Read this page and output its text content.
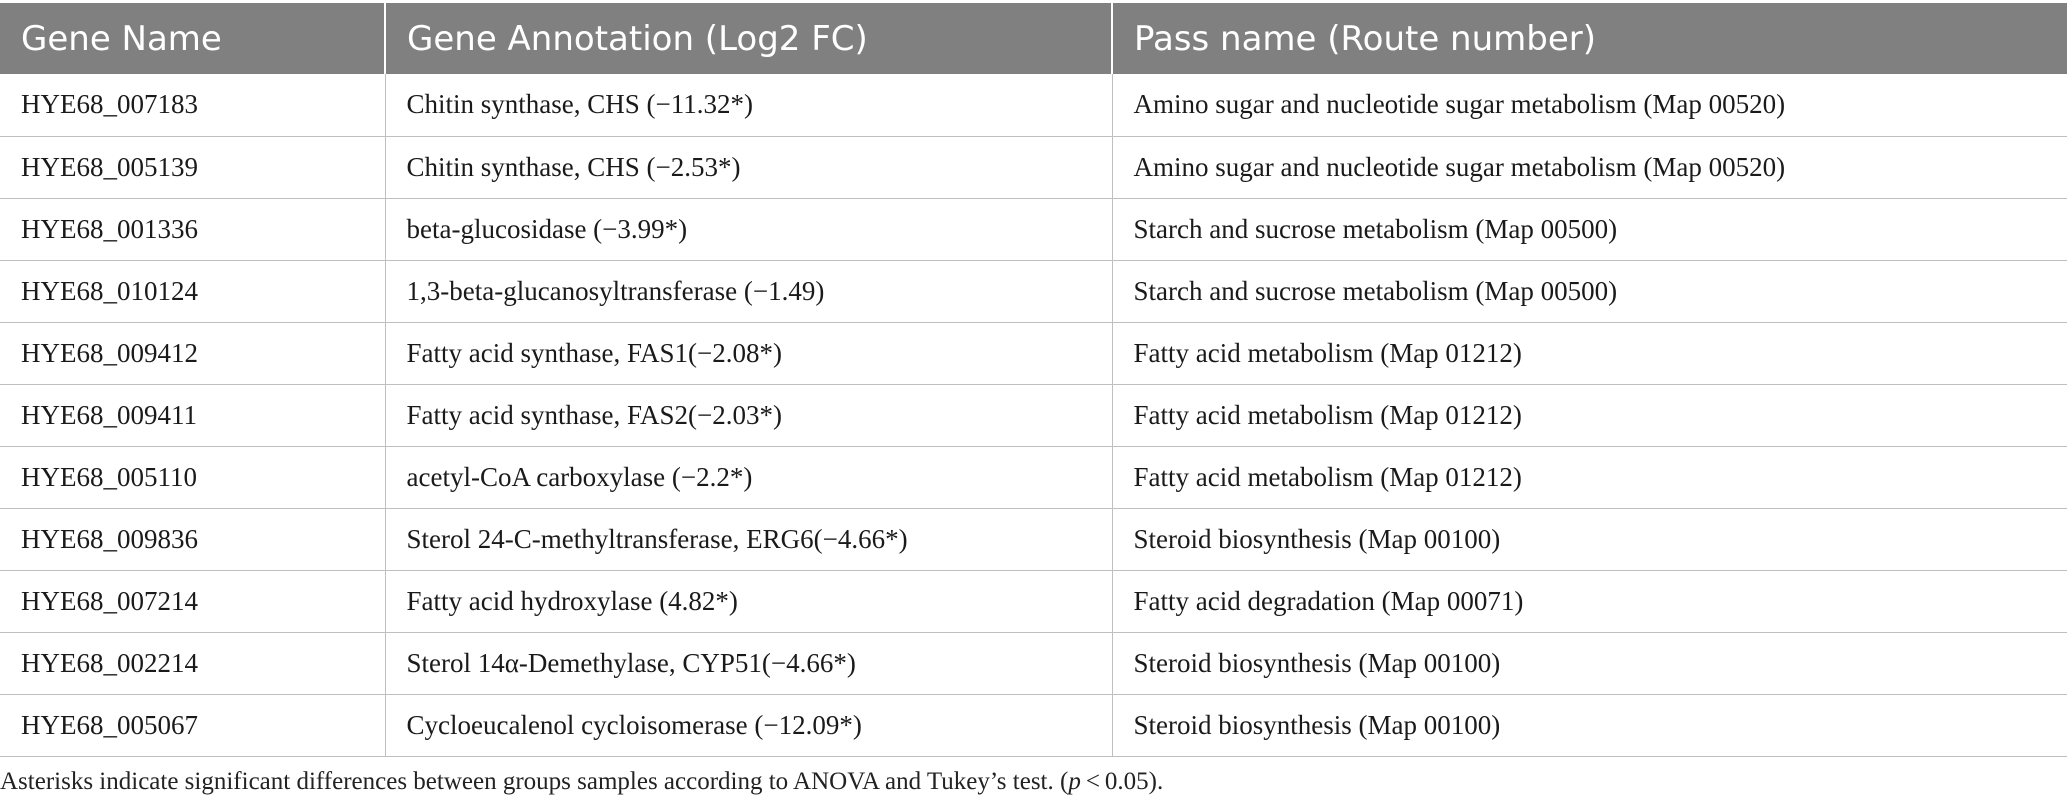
Gene Name	Gene Annotation (Log2 FC)	Pass name (Route number)
HYE68_007183	Chitin synthase, CHS (−11.32*)	Amino sugar and nucleotide sugar metabolism (Map 00520)
HYE68_005139	Chitin synthase, CHS (−2.53*)	Amino sugar and nucleotide sugar metabolism (Map 00520)
HYE68_001336	beta-glucosidase (−3.99*)	Starch and sucrose metabolism (Map 00500)
HYE68_010124	1,3-beta-glucanosyltransferase (−1.49)	Starch and sucrose metabolism (Map 00500)
HYE68_009412	Fatty acid synthase, FAS1(−2.08*)	Fatty acid metabolism (Map 01212)
HYE68_009411	Fatty acid synthase, FAS2(−2.03*)	Fatty acid metabolism (Map 01212)
HYE68_005110	acetyl-CoA carboxylase (−2.2*)	Fatty acid metabolism (Map 01212)
HYE68_009836	Sterol 24-C-methyltransferase, ERG6(−4.66*)	Steroid biosynthesis (Map 00100)
HYE68_007214	Fatty acid hydroxylase (4.82*)	Fatty acid degradation (Map 00071)
HYE68_002214	Sterol 14α-Demethylase, CYP51(−4.66*)	Steroid biosynthesis (Map 00100)
HYE68_005067	Cycloeucalenol cycloisomerase (−12.09*)	Steroid biosynthesis (Map 00100)
Asterisks indicate significant differences between groups samples according to ANOVA and Tukey’s test. (p < 0.05).
